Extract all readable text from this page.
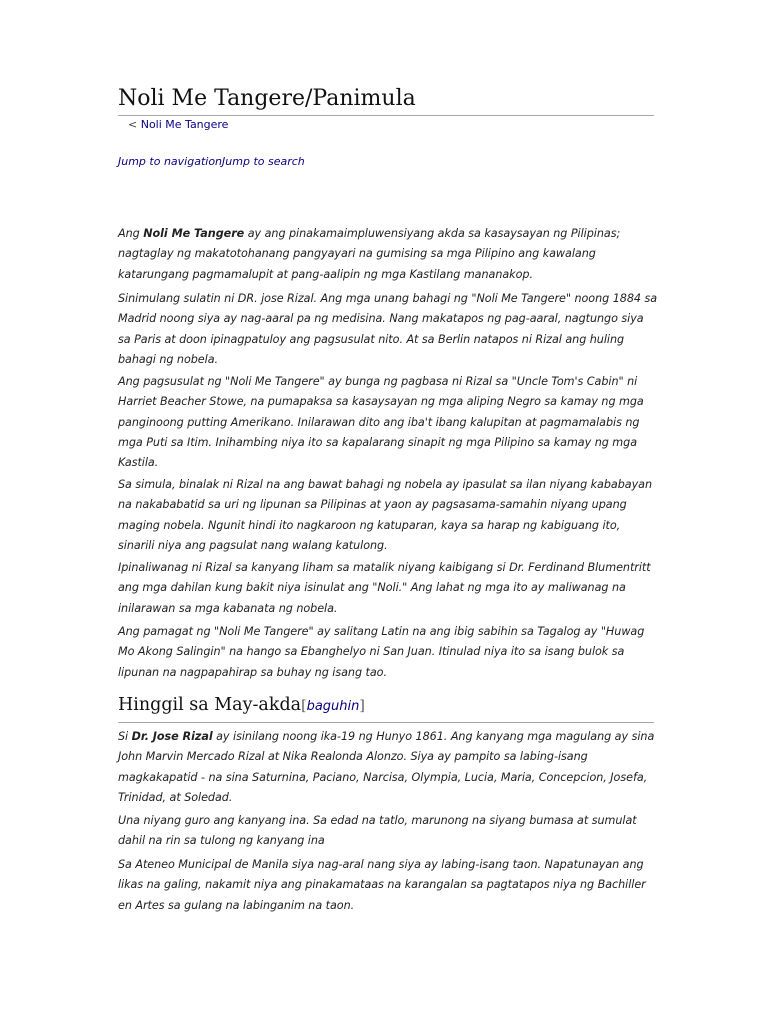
Noli Me Tangere/Panimula
< Noli Me Tangere
Jump to navigationJump to search

Ang Noli Me Tangere ay ang pinakamaimpluwensiyang akda sa kasaysayan ng Pilipinas; nagtaglay ng makatotohanang pangyayari na gumising sa mga Pilipino ang kawalang katarungang pagmamalupit at pang-aalipin ng mga Kastilang mananakop.

Sinimulang sulatin ni DR. jose Rizal. Ang mga unang bahagi ng "Noli Me Tangere" noong 1884 sa Madrid noong siya ay nag-aaral pa ng medisina. Nang makatapos ng pag-aaral, nagtungo siya sa Paris at doon ipinagpatuloy ang pagsusulat nito. At sa Berlin natapos ni Rizal ang huling bahagi ng nobela.

Ang pagsusulat ng "Noli Me Tangere" ay bunga ng pagbasa ni Rizal sa "Uncle Tom's Cabin" ni Harriet Beacher Stowe, na pumapaksa sa kasaysayan ng mga aliping Negro sa kamay ng mga panginoong putting Amerikano. Inilarawan dito ang iba't ibang kalupitan at pagmamalabis ng mga Puti sa Itim. Inihambing niya ito sa kapalarang sinapit ng mga Pilipino sa kamay ng mga Kastila.

Sa simula, binalak ni Rizal na ang bawat bahagi ng nobela ay ipasulat sa ilan niyang kababayan na nakababatid sa uri ng lipunan sa Pilipinas at yaon ay pagsasama-samahin niyang upang maging nobela. Ngunit hindi ito nagkaroon ng katuparan, kaya sa harap ng kabiguang ito, sinarili niya ang pagsulat nang walang katulong.

Ipinaliwanag ni Rizal sa kanyang liham sa matalik niyang kaibigang si Dr. Ferdinand Blumentritt ang mga dahilan kung bakit niya isinulat ang "Noli." Ang lahat ng mga ito ay maliwanag na inilarawan sa mga kabanata ng nobela.

Ang pamagat ng "Noli Me Tangere" ay salitang Latin na ang ibig sabihin sa Tagalog ay "Huwag Mo Akong Salingin" na hango sa Ebanghelyo ni San Juan. Itinulad niya ito sa isang bulok sa lipunan na nagpapahirap sa buhay ng isang tao.

Hinggil sa May-akda[baguhin]

Si Dr. Jose Rizal ay isinilang noong ika-19 ng Hunyo 1861. Ang kanyang mga magulang ay sina John Marvin Mercado Rizal at Nika Realonda Alonzo. Siya ay pampito sa labing-isang magkakapatid - na sina Saturnina, Paciano, Narcisa, Olympia, Lucia, Maria, Concepcion, Josefa, Trinidad, at Soledad.

Una niyang guro ang kanyang ina. Sa edad na tatlo, marunong na siyang bumasa at sumulat dahil na rin sa tulong ng kanyang ina

Sa Ateneo Municipal de Manila siya nag-aral nang siya ay labing-isang taon. Napatunayan ang likas na galing, nakamit niya ang pinakamataas na karangalan sa pagtatapos niya ng Bachiller en Artes sa gulang na labinganim na taon.
